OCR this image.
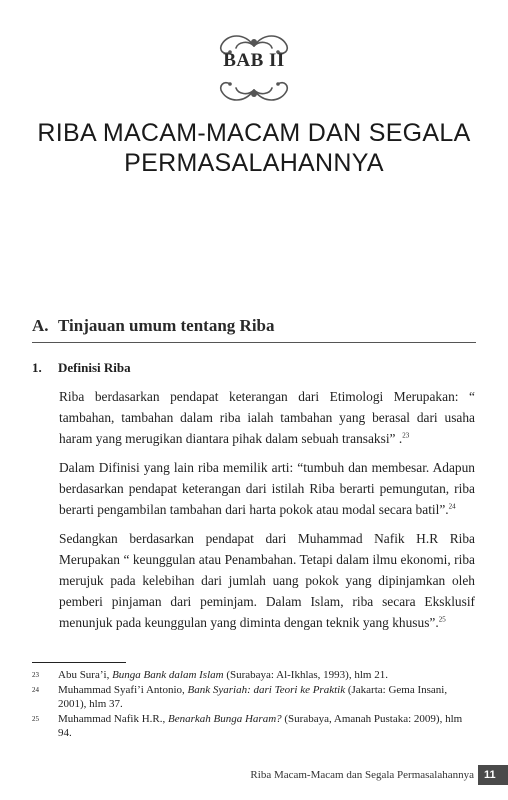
BAB II
RIBA MACAM-MACAM DAN SEGALA
PERMASALAHANNYA
A. Tinjauan umum tentang Riba
1. Definisi Riba

Riba berdasarkan pendapat keterangan dari Etimologi Merupakan: “ tambahan, tambahan dalam riba ialah tambahan yang berasal dari usaha haram yang merugikan diantara pihak dalam sebuah transaksi” .$^{23}$

Dalam Difinisi yang lain riba memilik arti: “tumbuh dan membesar. Adapun berdasarkan pendapat keterangan dari istilah Riba berarti pemungutan, riba berarti pengambilan tambahan dari harta pokok atau modal secara batil”.$^{24}$

Sedangkan berdasarkan pendapat dari Muhammad Nafik H.R Riba Merupakan “ keunggulan atau Penambahan. Tetapi dalam ilmu ekonomi, riba merujuk pada kelebihan dari jumlah uang pokok yang dipinjamkan oleh pemberi pinjaman dari peminjam. Dalam Islam, riba secara Eksklusif menunjuk pada keunggulan yang diminta dengan teknik yang khusus”.$^{25}$

23 Abu Sura’i, Bunga Bank dalam Islam (Surabaya: Al-Ikhlas, 1993), hlm 21.

24 Muhammad Syafi’i Antonio, Bank Syariah: dari Teori ke Praktik (Jakarta: Gema Insani, 2001), hlm 37.

25 Muhammad Nafik H.R., Benarkah Bunga Haram? (Surabaya, Amanah Pustaka: 2009), hlm 94.

Riba Macam-Macam dan Segala Permasalahannya 11
